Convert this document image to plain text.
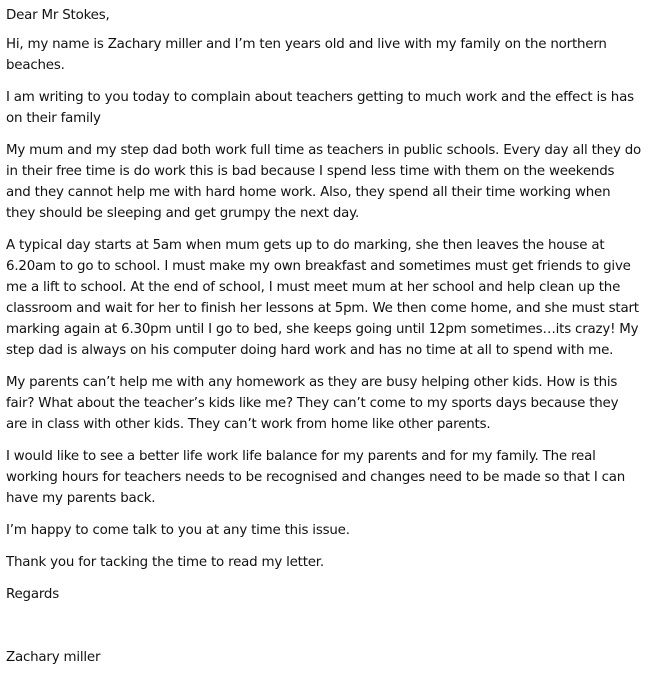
Dear Mr Stokes,

Hi, my name is Zachary miller and I’m ten years old and live with my family on the northern beaches.

I am writing to you today to complain about teachers getting to much work and the effect is has on their family

My mum and my step dad both work full time as teachers in public schools. Every day all they do in their free time is do work this is bad because I spend less time with them on the weekends and they cannot help me with hard home work. Also, they spend all their time working when they should be sleeping and get grumpy the next day.

A typical day starts at 5am when mum gets up to do marking, she then leaves the house at 6.20am to go to school. I must make my own breakfast and sometimes must get friends to give me a lift to school. At the end of school, I must meet mum at her school and help clean up the classroom and wait for her to finish her lessons at 5pm. We then come home, and she must start marking again at 6.30pm until I go to bed, she keeps going until 12pm sometimes…its crazy! My step dad is always on his computer doing hard work and has no time at all to spend with me.

My parents can’t help me with any homework as they are busy helping other kids. How is this fair? What about the teacher’s kids like me? They can’t come to my sports days because they are in class with other kids. They can’t work from home like other parents.

I would like to see a better life work life balance for my parents and for my family. The real working hours for teachers needs to be recognised and changes need to be made so that I can have my parents back.

I’m happy to come talk to you at any time this issue.

Thank you for tacking the time to read my letter.

Regards

Zachary miller
